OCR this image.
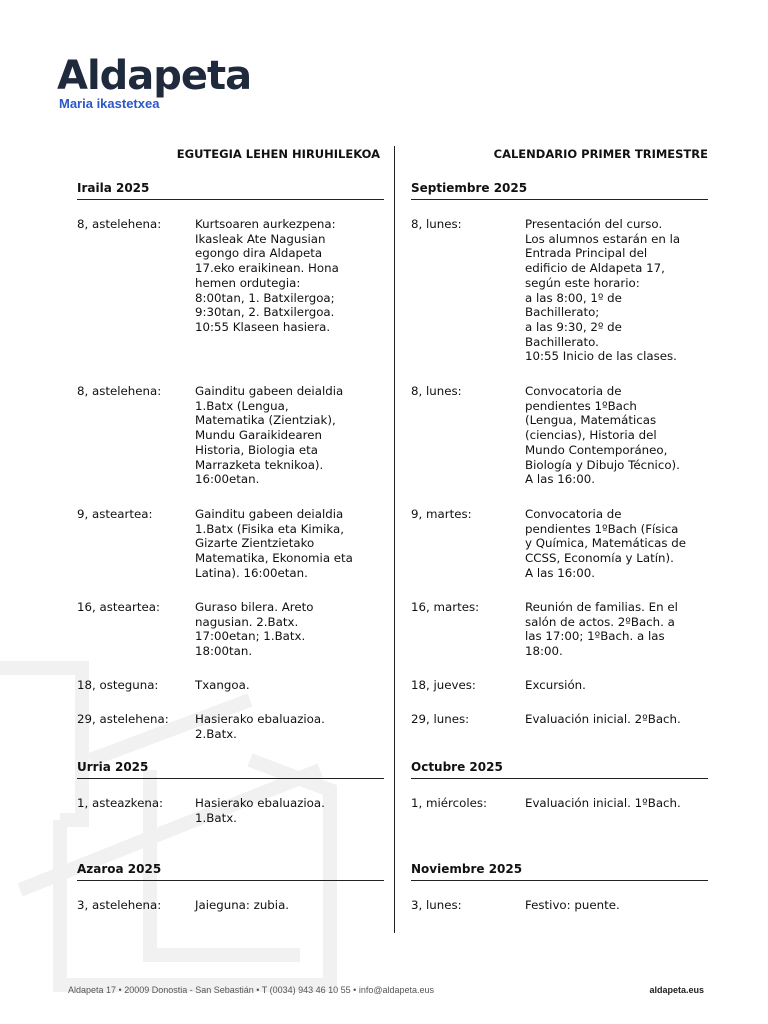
Aldapeta
Maria ikastetxea
EGUTEGIA LEHEN HIRUHILEKOA
Iraila 2025
8, astelehena:	Kurtsoaren aurkezpena:
Ikasleak Ate Nagusian
egongo dira Aldapeta
17.eko eraikinean. Hona
hemen ordutegia:
8:00tan, 1. Batxilergoa;
9:30tan, 2. Batxilergoa.
10:55 Klaseen hasiera.
8, astelehena:	Gainditu gabeen deialdia
1.Batx (Lengua,
Matematika (Zientziak),
Mundu Garaikidearen
Historia, Biologia eta
Marrazketa teknikoa).
16:00etan.
9, asteartea:	Gainditu gabeen deialdia
1.Batx (Fisika eta Kimika,
Gizarte Zientzietako
Matematika, Ekonomia eta
Latina). 16:00etan.
16, asteartea:	Guraso bilera. Areto
nagusian. 2.Batx.
17:00etan; 1.Batx.
18:00tan.
18, osteguna:	Txangoa.
29, astelehena: Hasierako ebaluazioa.
2.Batx.
Urria 2025
1, asteazkena:	Hasierako ebaluazioa.
1.Batx.
Azaroa 2025
3, astelehena:	Jaieguna: zubia.
CALENDARIO PRIMER TRIMESTRE
Septiembre 2025
8, lunes:	Presentación del curso.
Los alumnos estarán en la
Entrada Principal del
edificio de Aldapeta 17,
según este horario:
a las 8:00, 1º de
Bachillerato;
a las 9:30, 2º de
Bachillerato.
10:55 Inicio de las clases.
8, lunes:	Convocatoria de
pendientes 1ºBach
(Lengua, Matemáticas
(ciencias), Historia del
Mundo Contemporáneo,
Biología y Dibujo Técnico).
A las 16:00.
9, martes:	Convocatoria de
pendientes 1ºBach (Física
y Química, Matemáticas de
CCSS, Economía y Latín).
A las 16:00.
16, martes:	Reunión de familias. En el
salón de actos. 2ºBach. a
las 17:00; 1ºBach. a las
18:00.
18, jueves:	Excursión.
29, lunes:	Evaluación inicial. 2ºBach.
Octubre 2025
1, miércoles:	Evaluación inicial. 1ºBach.
Noviembre 2025
3, lunes:	Festivo: puente.
Aldapeta 17 • 20009 Donostia - San Sebastián • T (0034) 943 46 10 55 • info@aldapeta.eus	aldapeta.eus
